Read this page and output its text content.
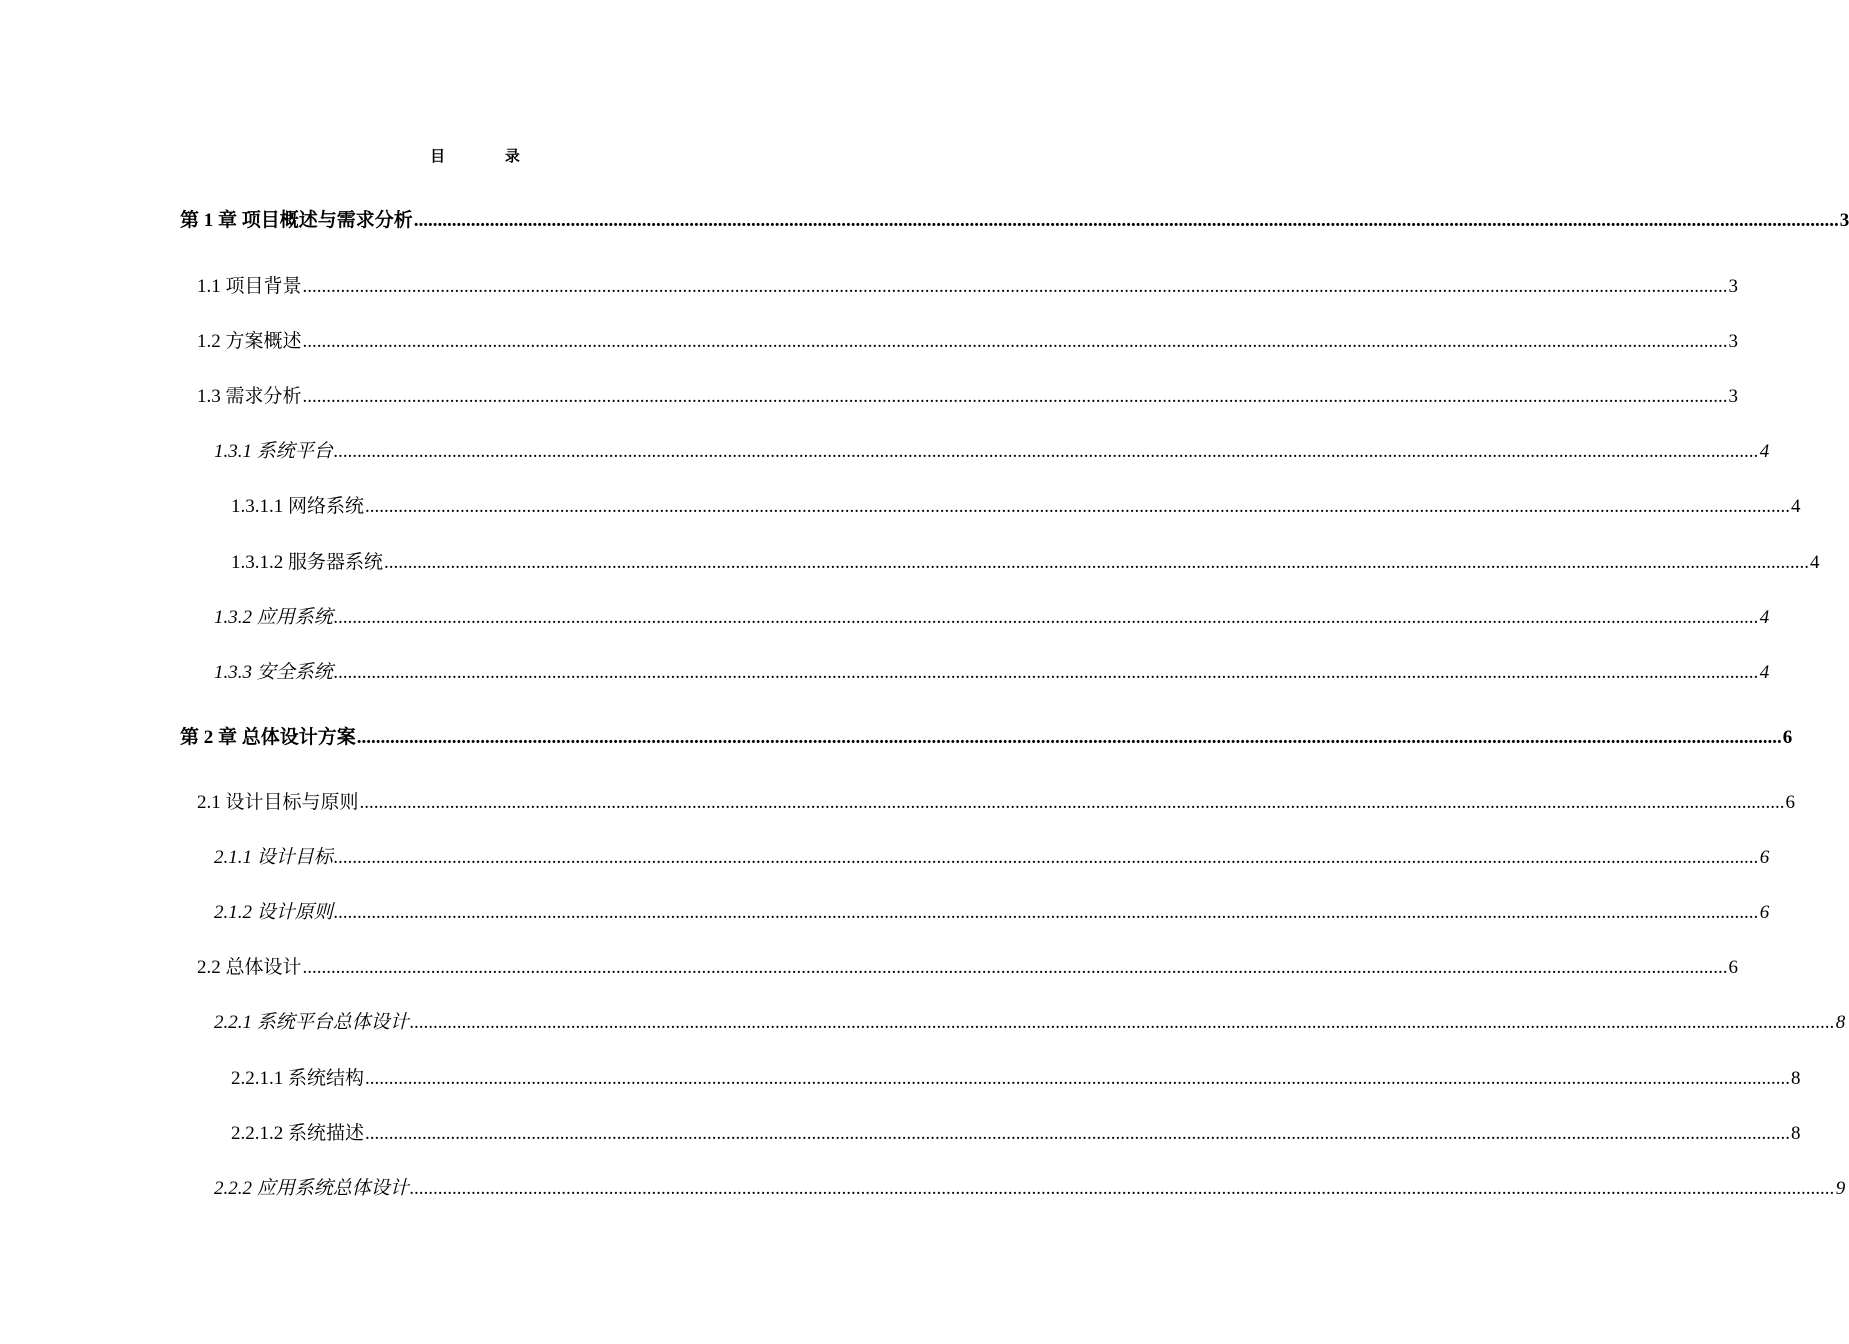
目 录
第 1 章 项目概述与需求分析 ............................................................................................................................................................................................................................................................................................................ 3
1.1 项目背景 ............................................................................................................................................................................................................................................................................................................ 3
1.2 方案概述 ............................................................................................................................................................................................................................................................................................................ 3
1.3 需求分析 ............................................................................................................................................................................................................................................................................................................ 3
1.3.1 系统平台 ............................................................................................................................................................................................................................................................................................................ 4
1.3.1.1 网络系统 ............................................................................................................................................................................................................................................................................................................ 4
1.3.1.2 服务器系统 ............................................................................................................................................................................................................................................................................................................ 4
1.3.2 应用系统 ............................................................................................................................................................................................................................................................................................................ 4
1.3.3 安全系统 ............................................................................................................................................................................................................................................................................................................ 4
第 2 章 总体设计方案 ............................................................................................................................................................................................................................................................................................................ 6
2.1 设计目标与原则 ............................................................................................................................................................................................................................................................................................................ 6
2.1.1 设计目标 ............................................................................................................................................................................................................................................................................................................ 6
2.1.2 设计原则 ............................................................................................................................................................................................................................................................................................................ 6
2.2 总体设计 ............................................................................................................................................................................................................................................................................................................ 6
2.2.1 系统平台总体设计 ............................................................................................................................................................................................................................................................................................................ 8
2.2.1.1 系统结构 ............................................................................................................................................................................................................................................................................................................ 8
2.2.1.2 系统描述 ............................................................................................................................................................................................................................................................................................................ 8
2.2.2 应用系统总体设计 ............................................................................................................................................................................................................................................................................................................ 9
